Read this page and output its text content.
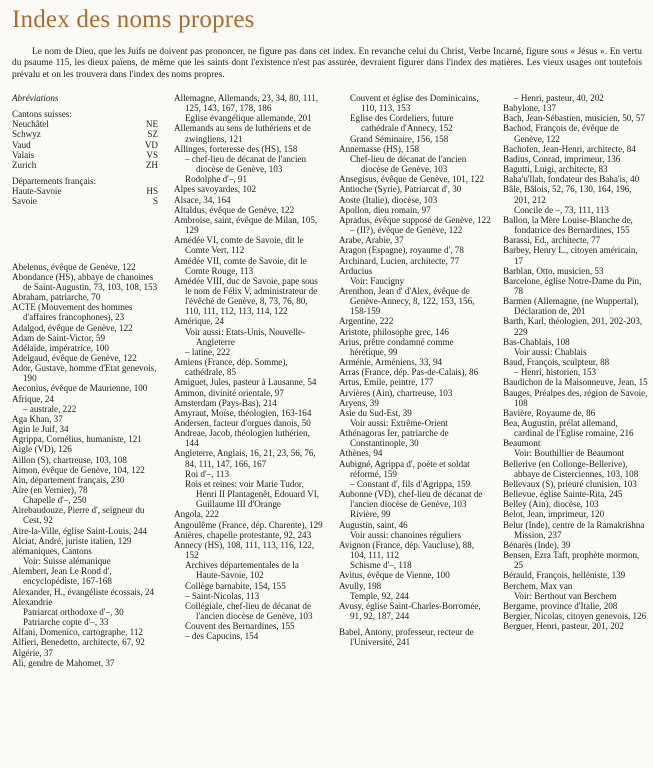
Index des noms propres

Le nom de Dieu, que les Juifs ne doivent pas prononcer, ne figure pas dans cet index. En revanche celui du Christ, Verbe Incarné, figure sous « Jésus ». En vertu du psaume 115, les dieux païens, de même que les saints dont l'existence n'est pas assurée, devraient figurer dans l'index des matières. Les vieux usages ont toutefois prévalu et on les trouvera dans l'index des noms propres.

Abréviations
Cantons suisses:
Neuchâtel	NE
Schwyz	SZ
Vaud	VD
Valais	VS
Zurich	ZH
Départements français:
Haute-Savoie	HS
Savoie	S
Abelenus, évêque de Genève, 122
Abondance (HS), abbaye de chanoines de Saint-Augustin, 73, 103, 108, 153
Abraham, patriarche, 70
ACTE (Mouvement des hommes d'affaires francophones), 23
Adalgod, évêque de Genève, 122
Adam de Saint-Victor, 59
Adélaïde, impératrice, 100
Adelgaud, évêque de Genève, 122
Ador, Gustave, homme d'Etat genevois, 190
Aeconius, évêque de Maurienne, 100
Afrique, 24
– australe, 222
Aga Khan, 37
Agin le Juif, 34
Agrippa, Cornélius, humaniste, 121
Aigle (VD), 126
Aillon (S), chartreuse, 103, 108
Aimon, évêque de Genève, 104, 122
Ain, département français, 230
Aïre (en Vernier), 78
Chapelle d'–, 250
Airebaudouze, Pierre d', seigneur du Cest, 92
Aire-la-Ville, église Saint-Louis, 244
Alciat, André, juriste italien, 129
alémaniques, Cantons
Voir: Suisse alémanique
Alembert, Jean Le Rond d', encyclopédiste, 167-168
Alexander, H., évangéliste écossais, 24
Alexandrie
Patriarcat orthodoxe d'–, 30
Patriarche copte d'–, 33
Alfani, Domenico, cartographe, 112
Alfieri, Benedetto, architecte, 67, 92
Algérie, 37
Ali, gendre de Mahomet, 37
Allemagne, Allemands, 23, 34, 80, 111, 125, 143, 167, 178, 186
Eglise évangélique allemande, 201
Allemands au sens de luthériens et de zwingliens, 121
Allinges, forteresse des (HS), 158
– chef-lieu de décanat de l'ancien diocèse de Genève, 103
Rodolphe d'–, 91
Alpes savoyardes, 102
Alsace, 34, 164
Altaldus, évêque de Genève, 122
Ambroise, saint, évêque de Milan, 105, 129
Amédée VI, comte de Savoie, dit le Comte Vert, 112
Amédée VII, comte de Savoie, dit le Comte Rouge, 113
Amédée VIII, duc de Savoie, pape sous le nom de Félix V, administrateur de l'évêché de Genève, 8, 73, 76, 80, 110, 111, 112, 113, 114, 122
Amérique, 24
Voir aussi: Etats-Unis, Nouvelle-Angleterre
– latine, 222
Amiens (France, dép. Somme), cathédrale, 85
Amiguet, Jules, pasteur à Lausanne, 54
Ammon, divinité orientale, 97
Amsterdam (Pays-Bas), 214
Amyraut, Moïse, théologien, 163-164
Andersen, facteur d'orgues danois, 50
Andreae, Jacob, théologien luthérien, 144
Angleterre, Anglais, 16, 21, 23, 56, 76, 84, 111, 147, 166, 167
Roi d'–, 113
Rois et reines: voir Marie Tudor, Henri II Plantagenêt, Edouard VI, Guillaume III d'Orange
Angola, 222
Angoulême (France, dép. Charente), 129
Anières, chapelle protestante, 92, 243
Annecy (HS), 108, 111, 113, 116, 122, 152
Archives départementales de la Haute-Savoie, 102
Collège barnabite, 154, 155
– Saint-Nicolas, 113
Collégiale, chef-lieu de décanat de l'ancien diocèse de Genève, 103
Couvent des Bernardines, 155
– des Capucins, 154
Couvent et église des Dominicains, 110, 113, 153
Eglise des Cordeliers, future cathédrale d'Annecy, 152
Grand Séminaire, 156, 158
Annemasse (HS), 158
Chef-lieu de décanat de l'ancien diocèse de Genève, 103
Ansegisus, évêque de Genève, 101, 122
Antioche (Syrie), Patriarcat d', 30
Aoste (Italie), diocèse, 103
Apollon, dieu romain, 97
Apradus, évêque supposé de Genève, 122
– (II?), évêque de Genève, 122
Arabe, Arabie, 37
Aragon (Espagne), royaume d', 78
Archinard, Lucien, architecte, 77
Arducius
Voir: Faucigny
Arenthon, Jean d' d'Alex, évêque de Genève-Annecy, 8, 122, 153, 156, 158-159
Argentine, 222
Aristote, philosophe grec, 146
Arius, prêtre condamné comme hérétique, 99
Arménie, Arméniens, 33, 94
Arras (France, dép. Pas-de-Calais), 86
Artus, Emile, peintre, 177
Arvières (Ain), chartreuse, 103
Aryens, 39
Asie du Sud-Est, 39
Voir aussi: Extrême-Orient
Athénagoras Ier, patriarche de Constantinople, 30
Athènes, 94
Aubigné, Agrippa d', poète et soldat réformé, 159
– Constant d', fils d'Agrippa, 159
Aubonne (VD), chef-lieu de décanat de l'ancien diocèse de Genève, 103
Rivière, 99
Augustin, saint, 46
Voir aussi: chanoines réguliers
Avignon (France, dép. Vaucluse), 88, 104, 111, 112
Schisme d'–, 118
Avitus, évêque de Vienne, 100
Avully, 198
Temple, 92, 244
Avusy, église Saint-Charles-Borromée, 91, 92, 187, 244
Babel, Antony, professeur, recteur de l'Université, 241
– Henri, pasteur, 40, 202
Babylone, 137
Bach, Jean-Sébastien, musicien, 50, 57
Bachod, François de, évêque de Genève, 122
Bachofen, Jean-Henri, architecte, 84
Badius, Conrad, imprimeur, 136
Bagutti, Luigi, architecte, 83
Baha'u'llah, fondateur des Baha'is, 40
Bâle, Bâlois, 52, 76, 130, 164, 196, 201, 212
Concile de –, 73, 111, 113
Ballon, la Mère Louise-Blanche de, fondatrice des Bernardines, 155
Barassi, Ed., architecte, 77
Barbey, Henry L., citoyen américain, 17
Barblan, Otto, musicien, 53
Barcelone, église Notre-Dame du Pin, 78
Barmen (Allemagne, (ne Wuppertal), Déclaration de, 201
Barth, Karl, théologien, 201, 202-203, 229
Bas-Chablais, 108
Voir aussi: Chablais
Baud, François, sculpteur, 88
– Henri, historien, 153
Baudichon de la Maisonneuve, Jean, 15
Bauges, Préalpes des, région de Savoie, 108
Bavière, Royaume de, 86
Bea, Augustin, prélat allemand, cardinal de l'Eglise romaine, 216
Beaumont
Voir: Bouthillier de Beaumont
Bellerive (en Collonge-Bellerive), abbaye de Cisterciennes, 103, 108
Bellevaux (S), prieuré clunisien, 103
Bellevue, église Sainte-Rita, 245
Belley (Ain), diocèse, 103
Belot, Jean, imprimeur, 120
Belur (Inde), centre de la Ramakrishna Mission, 237
Bénarès (Inde), 39
Bensen, Ezra Taft, prophète mormon, 25
Bérauld, François, helléniste, 139
Berchem, Max van
Voir: Berthout van Berchem
Bergame, province d'Italie, 208
Bergier, Nicolas, citoyen genevois, 126
Berguer, Henri, pasteur, 201, 202
